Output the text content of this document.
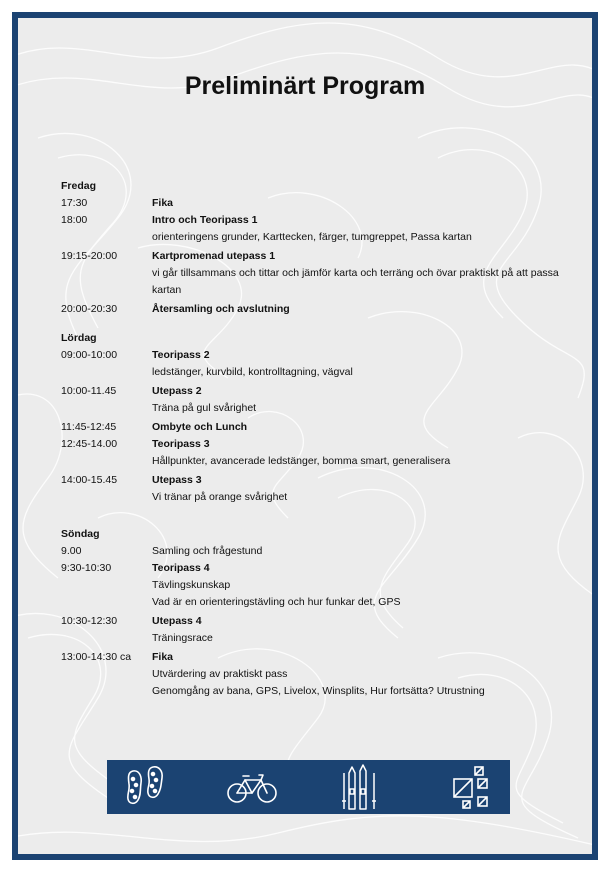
Preliminärt Program
Fredag
17:30	Fika
18:00	Intro och Teoripass 1
orienteringens grunder, Karttecken, färger, tumgreppet, Passa kartan
19:15-20:00	Kartpromenad utepass 1
vi går tillsammans och tittar och jämför karta och terräng och övar praktiskt på att passa kartan
20:00-20:30	Återsamling och avslutning
Lördag
09:00-10:00	Teoripass 2
ledstänger, kurvbild, kontrolltagning, vägval
10:00-11.45	Utepass 2
Träna på gul svårighet
11:45-12:45	Ombyte och Lunch
12:45-14.00	Teoripass 3
Hållpunkter, avancerade ledstänger, bomma smart, generalisera
14:00-15.45	Utepass 3
Vi tränar på orange svårighet
Söndag
9.00	Samling och frågestund
9:30-10:30	Teoripass 4
Tävlingskunskap
Vad är en orienteringstävling och hur funkar det, GPS
10:30-12:30	Utepass 4
Träningsrace
13:00-14:30 ca	Fika
Utvärdering av praktiskt pass
Genomgång av bana, GPS, Livelox, Winsplits, Hur fortsätta? Utrustning
